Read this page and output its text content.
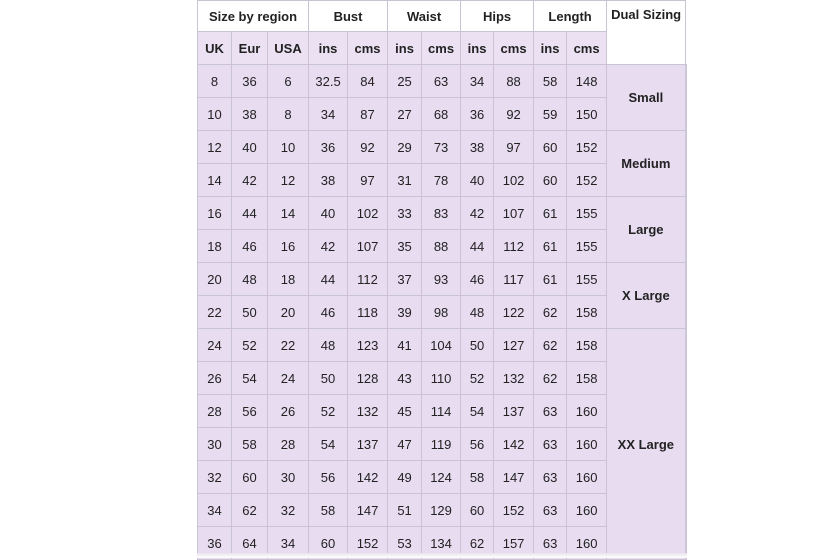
Size by region			Bust		Waist		Hips		Length		Dual Sizing
UK	Eur	USA	ins	cms	ins	cms	ins	cms	ins	cms	
8	36	6	32.5	84	25	63	34	88	58	148	Small
10	38	8	34	87	27	68	36	92	59	150	
12	40	10	36	92	29	73	38	97	60	152	Medium
14	42	12	38	97	31	78	40	102	60	152	
16	44	14	40	102	33	83	42	107	61	155	Large
18	46	16	42	107	35	88	44	112	61	155	
20	48	18	44	112	37	93	46	117	61	155	X Large
22	50	20	46	118	39	98	48	122	62	158	
24	52	22	48	123	41	104	50	127	62	158	XX Large
26	54	24	50	128	43	110	52	132	62	158	
28	56	26	52	132	45	114	54	137	63	160	
30	58	28	54	137	47	119	56	142	63	160	
32	60	30	56	142	49	124	58	147	63	160	
34	62	32	58	147	51	129	60	152	63	160	
36	64	34	60	152	53	134	62	157	63	160	
